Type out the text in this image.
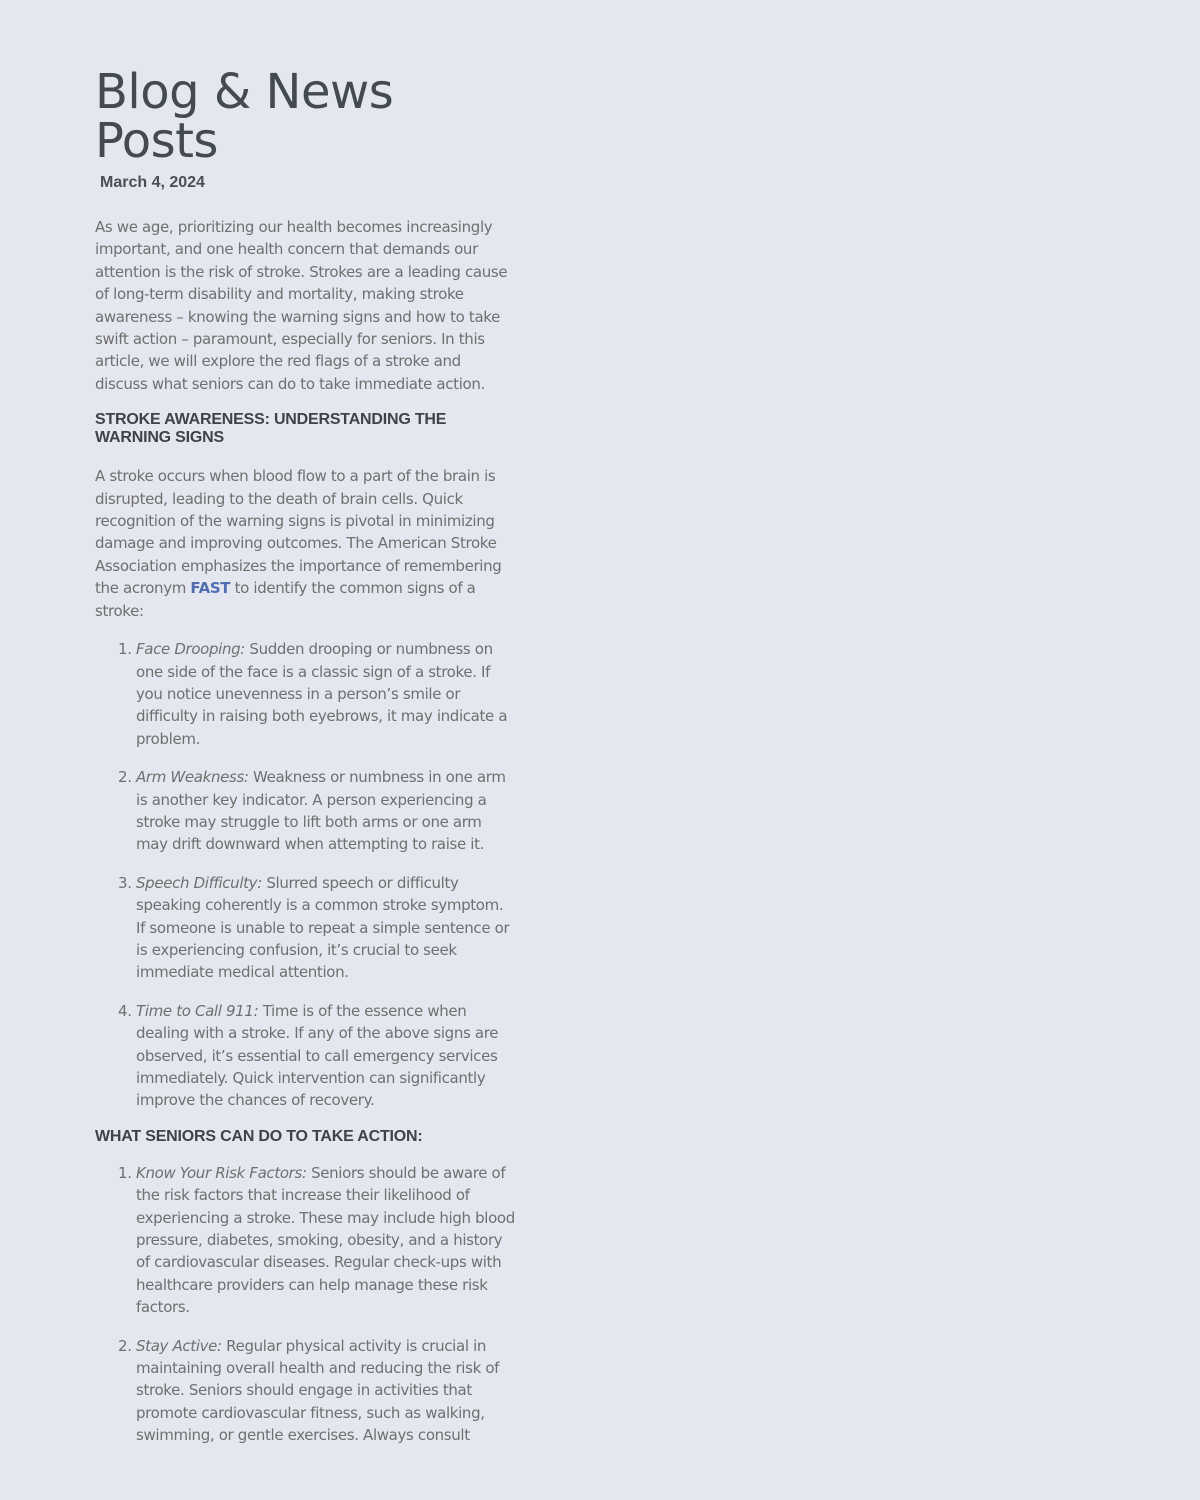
Blog & News Posts
March 4, 2024

As we age, prioritizing our health becomes increasingly important, and one health concern that demands our attention is the risk of stroke. Strokes are a leading cause of long-term disability and mortality, making stroke awareness – knowing the warning signs and how to take swift action – paramount, especially for seniors. In this article, we will explore the red flags of a stroke and discuss what seniors can do to take immediate action.

STROKE AWARENESS: UNDERSTANDING THE WARNING SIGNS

A stroke occurs when blood flow to a part of the brain is disrupted, leading to the death of brain cells. Quick recognition of the warning signs is pivotal in minimizing damage and improving outcomes. The American Stroke Association emphasizes the importance of remembering the acronym FAST to identify the common signs of a stroke:

Face Drooping: Sudden drooping or numbness on one side of the face is a classic sign of a stroke. If you notice unevenness in a person’s smile or difficulty in raising both eyebrows, it may indicate a problem.
Arm Weakness: Weakness or numbness in one arm is another key indicator. A person experiencing a stroke may struggle to lift both arms or one arm may drift downward when attempting to raise it.
Speech Difficulty: Slurred speech or difficulty speaking coherently is a common stroke symptom. If someone is unable to repeat a simple sentence or is experiencing confusion, it’s crucial to seek immediate medical attention.
Time to Call 911: Time is of the essence when dealing with a stroke. If any of the above signs are observed, it’s essential to call emergency services immediately. Quick intervention can significantly improve the chances of recovery.
WHAT SENIORS CAN DO TO TAKE ACTION:
Know Your Risk Factors: Seniors should be aware of the risk factors that increase their likelihood of experiencing a stroke. These may include high blood pressure, diabetes, smoking, obesity, and a history of cardiovascular diseases. Regular check-ups with healthcare providers can help manage these risk factors.
Stay Active: Regular physical activity is crucial in maintaining overall health and reducing the risk of stroke. Seniors should engage in activities that promote cardiovascular fitness, such as walking, swimming, or gentle exercises. Always consult
